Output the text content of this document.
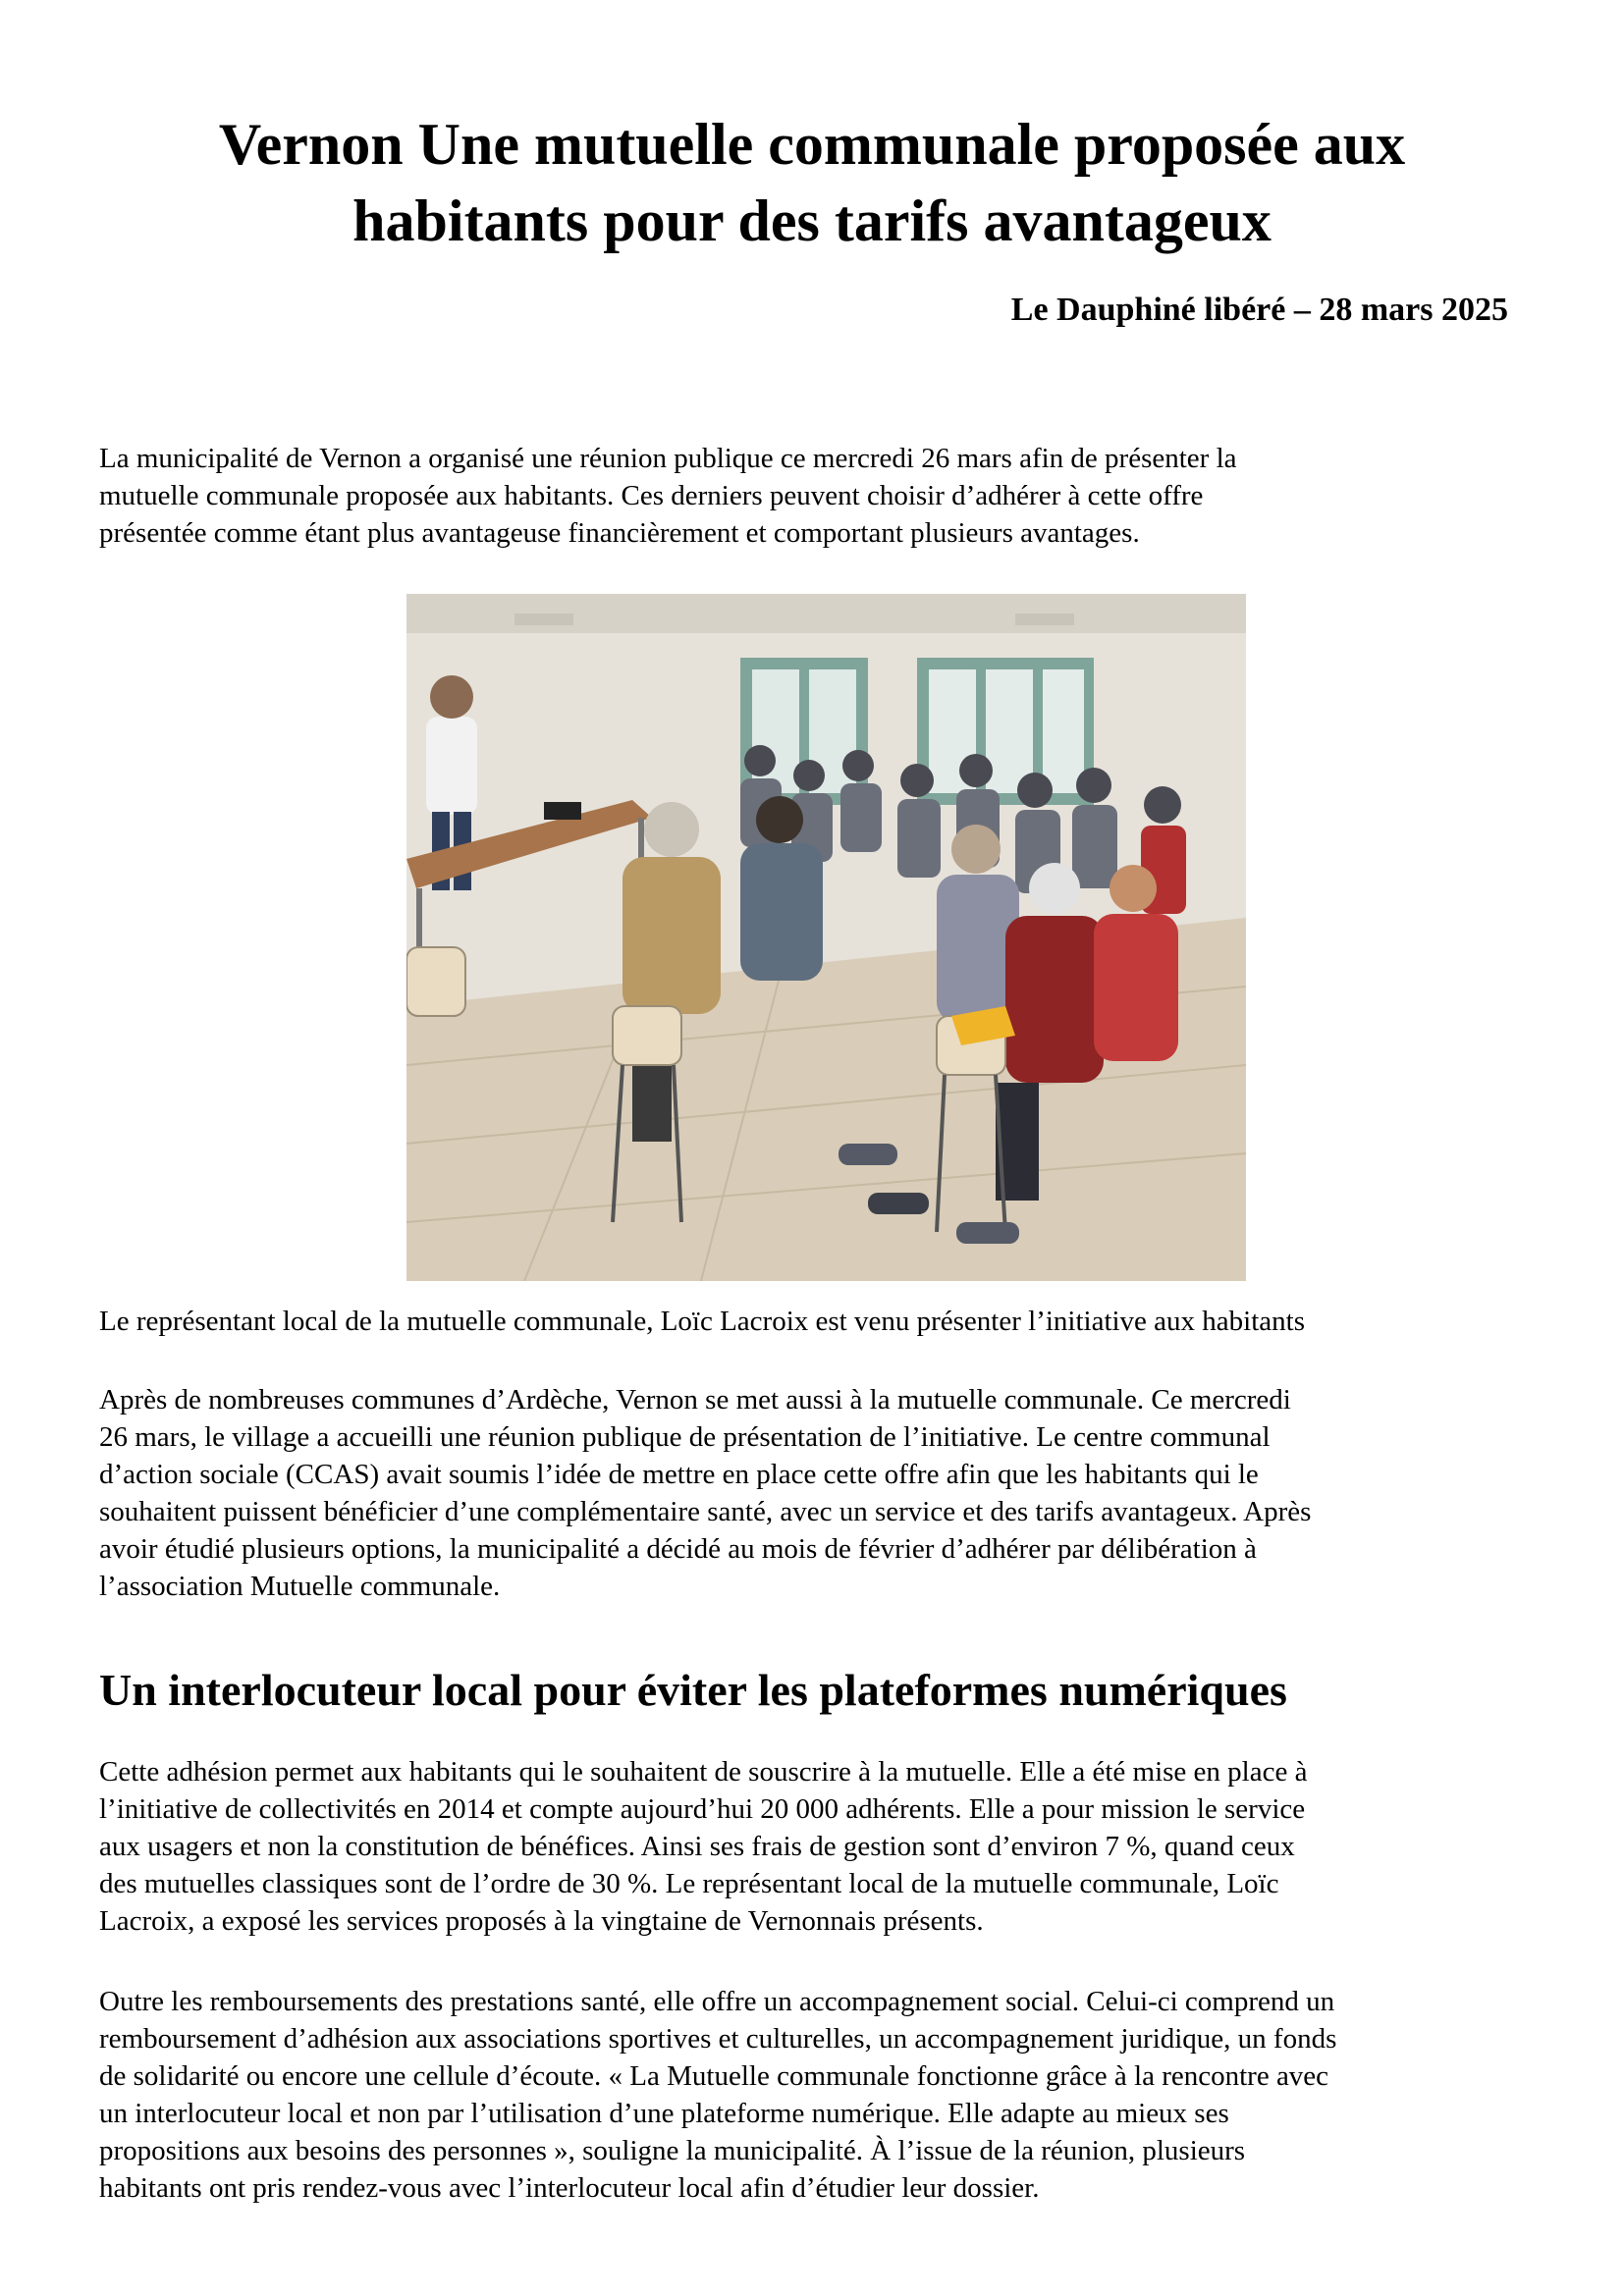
Vernon Une mutuelle communale proposée aux
habitants pour des tarifs avantageux

Le Dauphiné libéré – 28 mars 2025

La municipalité de Vernon a organisé une réunion publique ce mercredi 26 mars afin de présenter la
mutuelle communale proposée aux habitants. Ces derniers peuvent choisir d’adhérer à cette offre
présentée comme étant plus avantageuse financièrement et comportant plusieurs avantages.

Le représentant local de la mutuelle communale, Loïc Lacroix est venu présenter l’initiative aux habitants

Après de nombreuses communes d’Ardèche, Vernon se met aussi à la mutuelle communale. Ce mercredi
26 mars, le village a accueilli une réunion publique de présentation de l’initiative. Le centre communal
d’action sociale (CCAS) avait soumis l’idée de mettre en place cette offre afin que les habitants qui le
souhaitent puissent bénéficier d’une complémentaire santé, avec un service et des tarifs avantageux. Après
avoir étudié plusieurs options, la municipalité a décidé au mois de février d’adhérer par délibération à
l’association Mutuelle communale.

Un interlocuteur local pour éviter les plateformes numériques

Cette adhésion permet aux habitants qui le souhaitent de souscrire à la mutuelle. Elle a été mise en place à
l’initiative de collectivités en 2014 et compte aujourd’hui 20 000 adhérents. Elle a pour mission le service
aux usagers et non la constitution de bénéfices. Ainsi ses frais de gestion sont d’environ 7 %, quand ceux
des mutuelles classiques sont de l’ordre de 30 %. Le représentant local de la mutuelle communale, Loïc
Lacroix, a exposé les services proposés à la vingtaine de Vernonnais présents.

Outre les remboursements des prestations santé, elle offre un accompagnement social. Celui-ci comprend un
remboursement d’adhésion aux associations sportives et culturelles, un accompagnement juridique, un fonds
de solidarité ou encore une cellule d’écoute. « La Mutuelle communale fonctionne grâce à la rencontre avec
un interlocuteur local et non par l’utilisation d’une plateforme numérique. Elle adapte au mieux ses
propositions aux besoins des personnes », souligne la municipalité. À l’issue de la réunion, plusieurs
habitants ont pris rendez-vous avec l’interlocuteur local afin d’étudier leur dossier.
